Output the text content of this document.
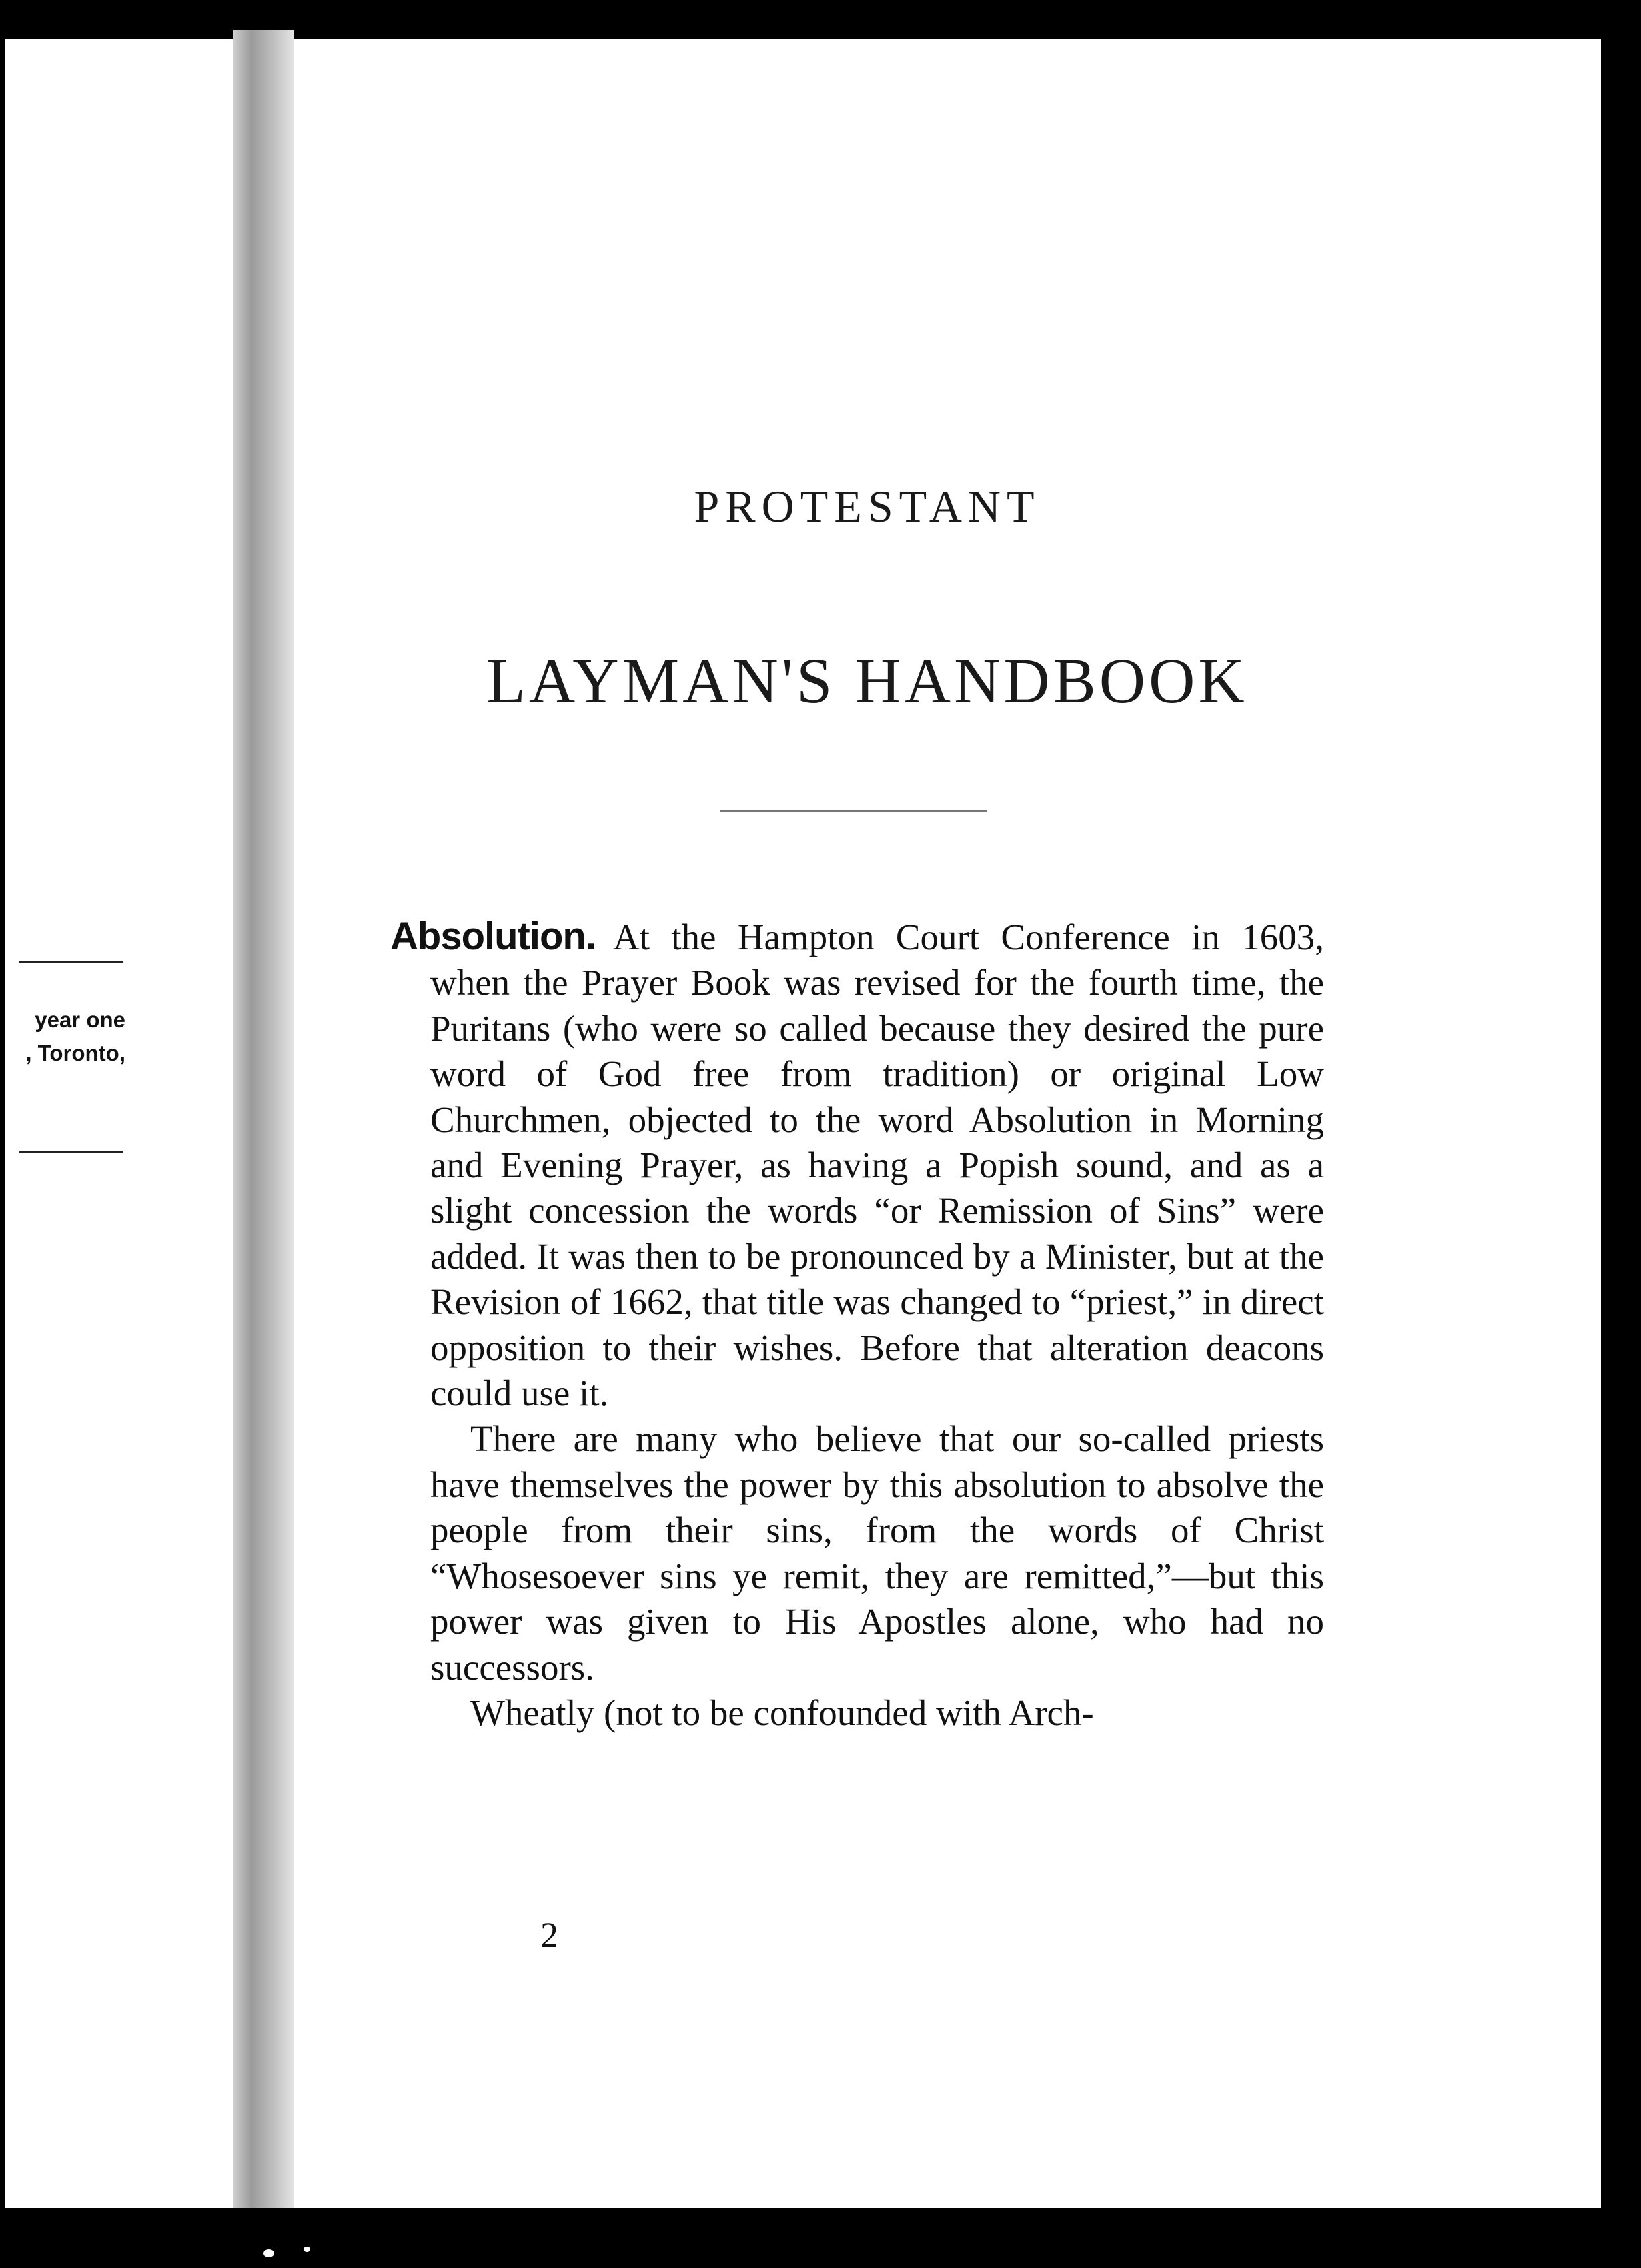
year one
, Toronto,
PROTESTANT
LAYMAN'S HANDBOOK

Absolution. At the Hampton Court Conference in 1603, when the Prayer Book was revised for the fourth time, the Puritans (who were so called because they desired the pure word of God free from tradition) or original Low Churchmen, objected to the word Absolution in Morning and Evening Prayer, as having a Popish sound, and as a slight concession the words “or Remission of Sins” were added. It was then to be pronounced by a Minister, but at the Revision of 1662, that title was changed to “priest,” in direct opposition to their wishes. Before that alteration deacons could use it.

There are many who believe that our so-called priests have themselves the power by this absolution to absolve the people from their sins, from the words of Christ “Whosesoever sins ye remit, they are remitted,”—but this power was given to His Apostles alone, who had no successors.

Wheatly (not to be confounded with Arch-

2
